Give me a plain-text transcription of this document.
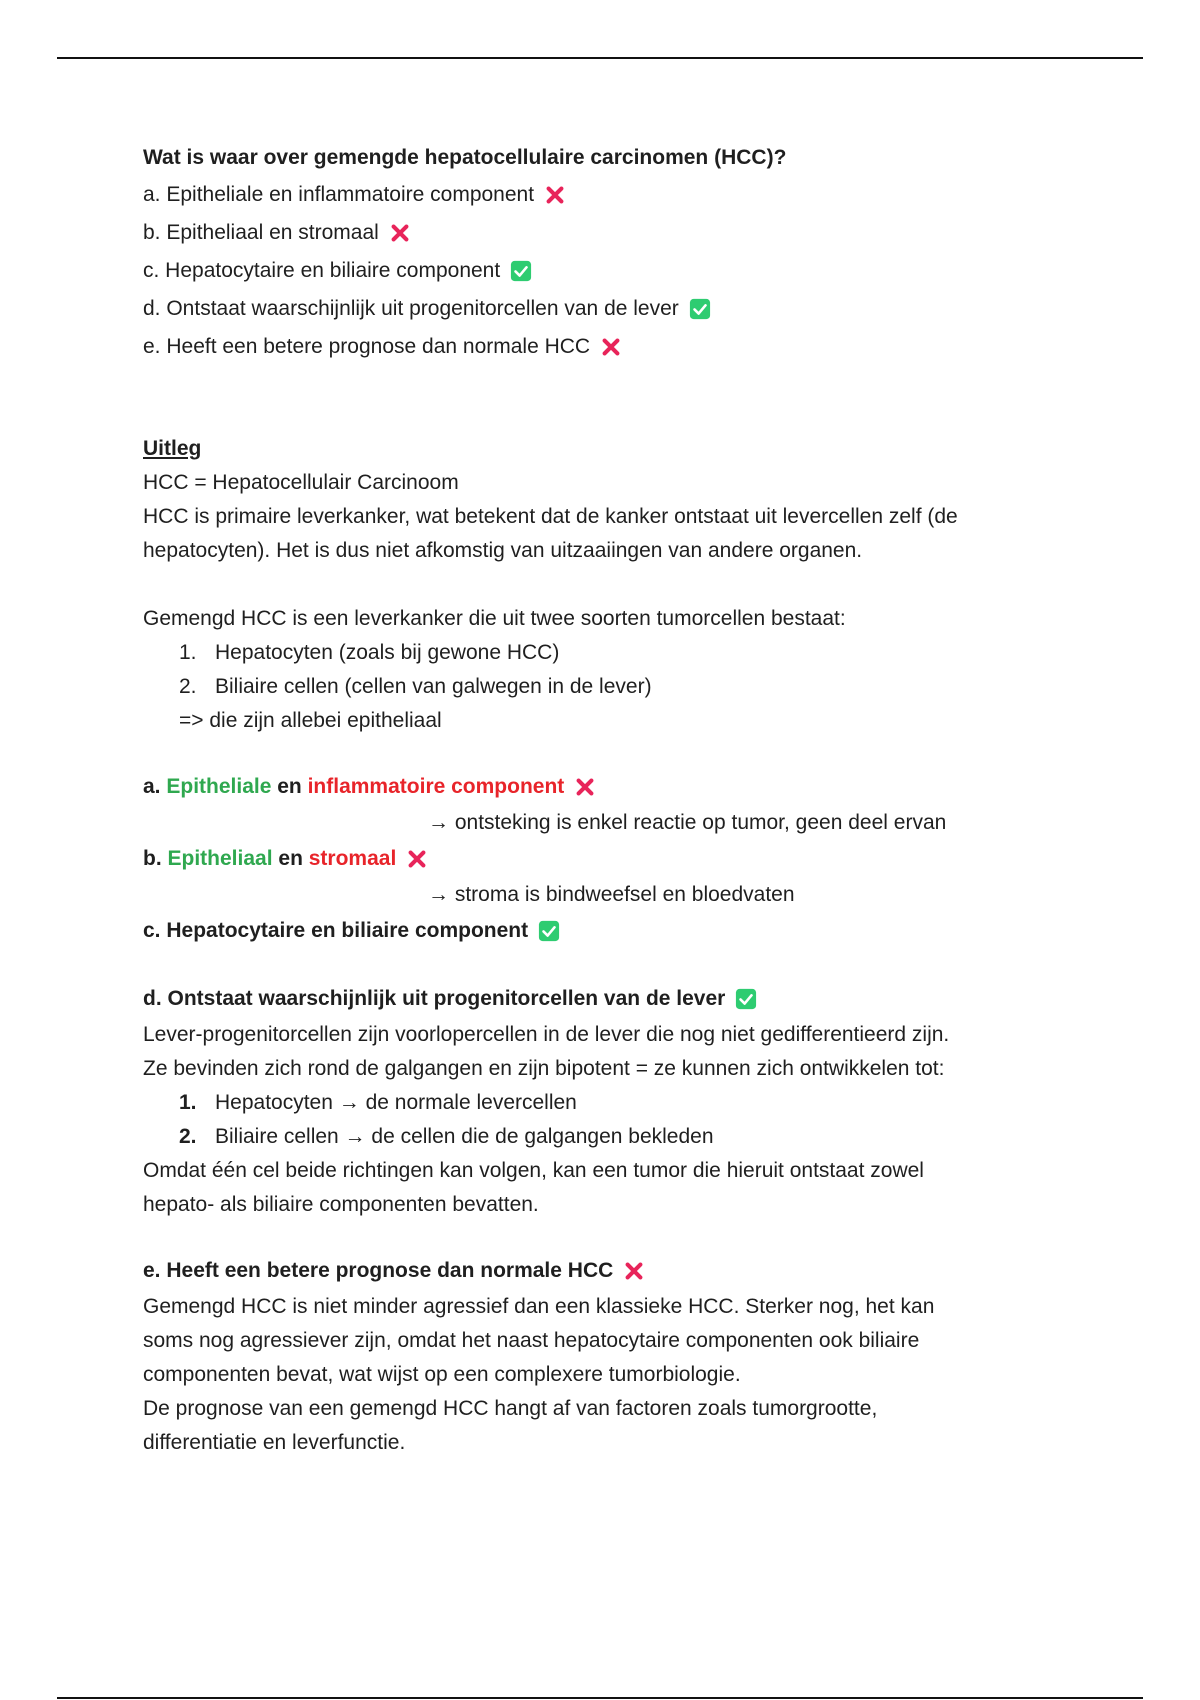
Wat is waar over gemengde hepatocellulaire carcinomen (HCC)?
a. Epitheliale en inflammatoire component
b. Epitheliaal en stromaal
c. Hepatocytaire en biliaire component
d. Ontstaat waarschijnlijk uit progenitorcellen van de lever
e. Heeft een betere prognose dan normale HCC
Uitleg
HCC = Hepatocellulair Carcinoom
HCC is primaire leverkanker, wat betekent dat de kanker ontstaat uit levercellen zelf (de
hepatocyten). Het is dus niet afkomstig van uitzaaiingen van andere organen.
Gemengd HCC is een leverkanker die uit twee soorten tumorcellen bestaat:
1. Hepatocyten (zoals bij gewone HCC)
2. Biliaire cellen (cellen van galwegen in de lever)
=> die zijn allebei epitheliaal
a.
Epitheliale
en
inflammatoire component
→ ontsteking is enkel reactie op tumor, geen deel ervan
b.
Epitheliaal
en
stromaal
→ stroma is bindweefsel en bloedvaten
c. Hepatocytaire en biliaire component
d. Ontstaat waarschijnlijk uit progenitorcellen van de lever
Lever-progenitorcellen zijn voorlopercellen in de lever die nog niet gedifferentieerd zijn.
Ze bevinden zich rond de galgangen en zijn bipotent = ze kunnen zich ontwikkelen tot:
1. Hepatocyten → de normale levercellen
2. Biliaire cellen → de cellen die de galgangen bekleden
Omdat één cel beide richtingen kan volgen, kan een tumor die hieruit ontstaat zowel
hepato- als biliaire componenten bevatten.
e. Heeft een betere prognose dan normale HCC
Gemengd HCC is niet minder agressief dan een klassieke HCC. Sterker nog, het kan
soms nog agressiever zijn, omdat het naast hepatocytaire componenten ook biliaire
componenten bevat, wat wijst op een complexere tumorbiologie.
De prognose van een gemengd HCC hangt af van factoren zoals tumorgrootte,
differentiatie en leverfunctie.
